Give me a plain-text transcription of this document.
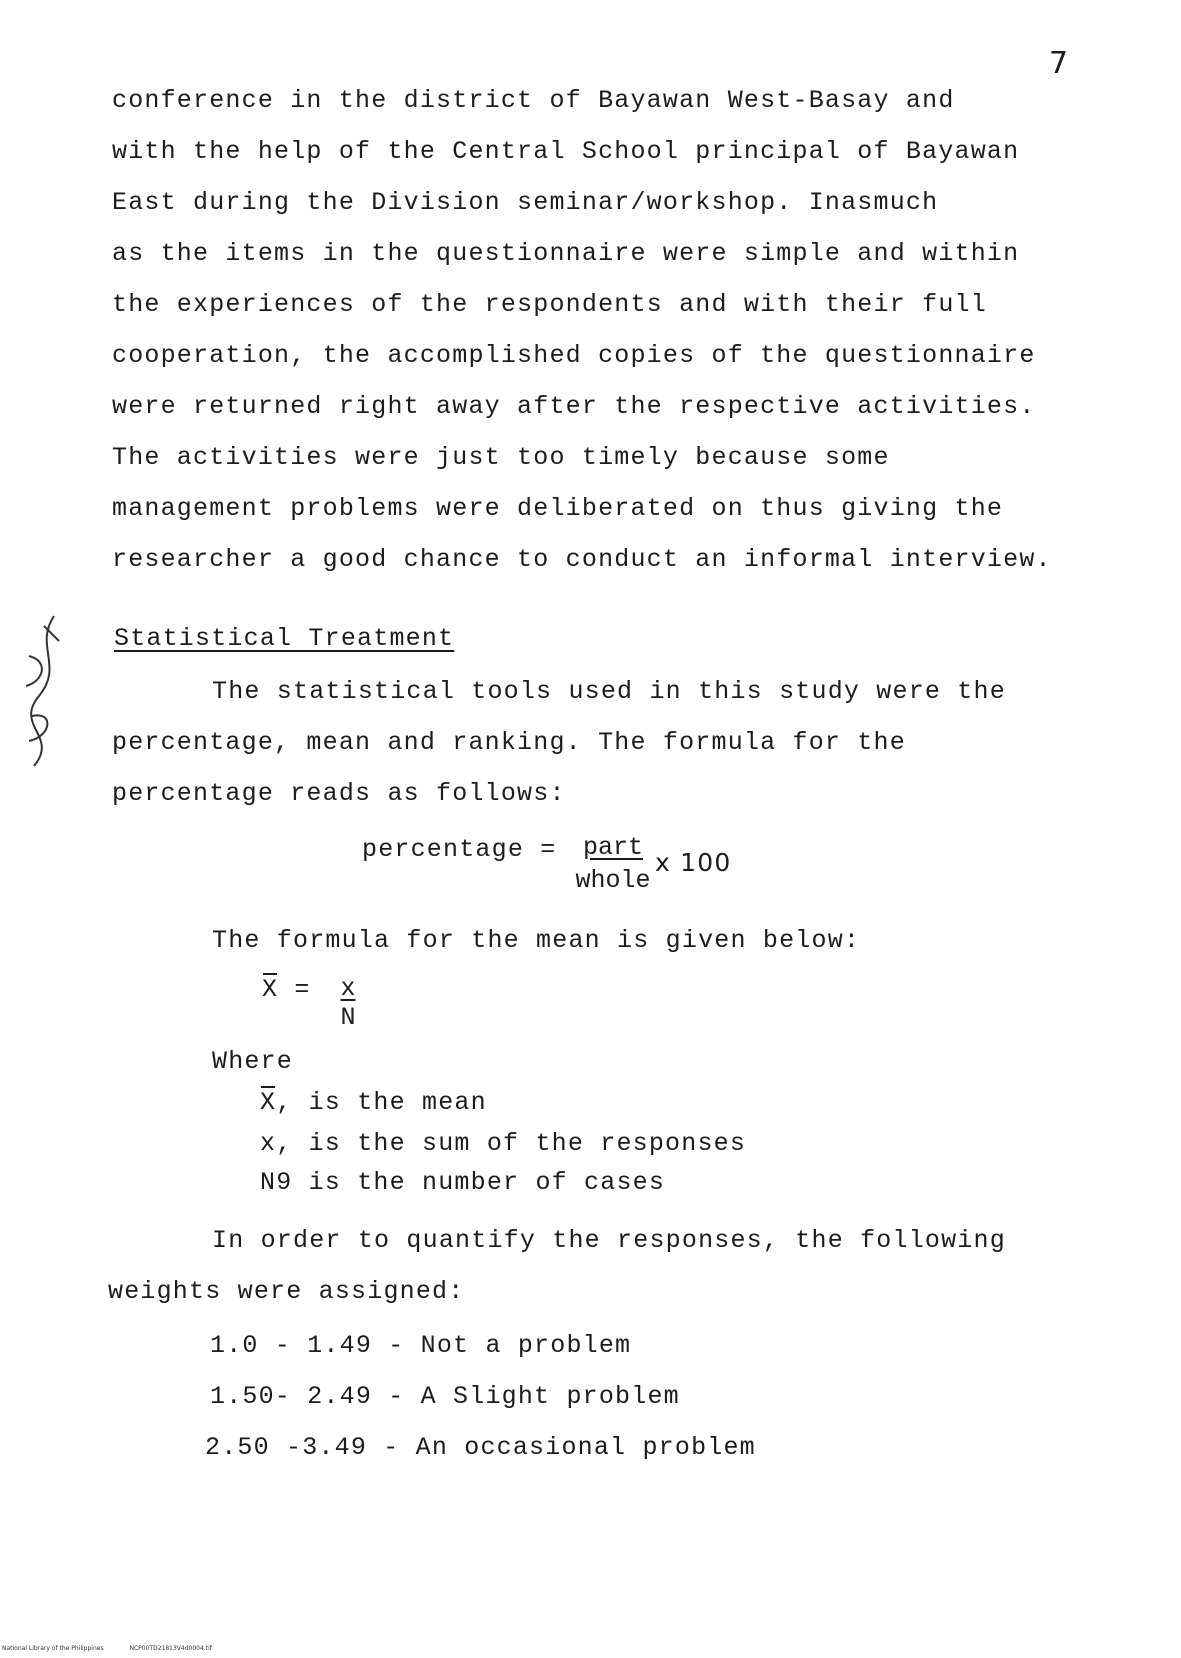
7
conference in the district of Bayawan West-Basay and
with the help of the Central School principal of Bayawan
East during the Division seminar/workshop. Inasmuch
as the items in the questionnaire were simple and within
the experiences of the respondents and with their full
cooperation, the accomplished copies of the questionnaire
were returned right away after the respective activities.
The activities were just too timely because some
management problems were deliberated on thus giving the
researcher a good chance to conduct an informal interview.
Statistical Treatment
The statistical tools used in this study were the
percentage, mean and ranking. The formula for the
percentage reads as follows:
percentage =	part
whole
x 100
The formula for the mean is given below:
$X = \frac{x}{N}$
Where
X, is the mean
x, is the sum of the responses
N9 is the number of cases
In order to quantify the responses, the following
weights were assigned:
1.0 - 1.49 - Not a problem
1.50- 2.49 - A Slight problem
2.50 -3.49 - An occasional problem
National Library of the Philippines	NCP00TD21813V4d0004.tif
